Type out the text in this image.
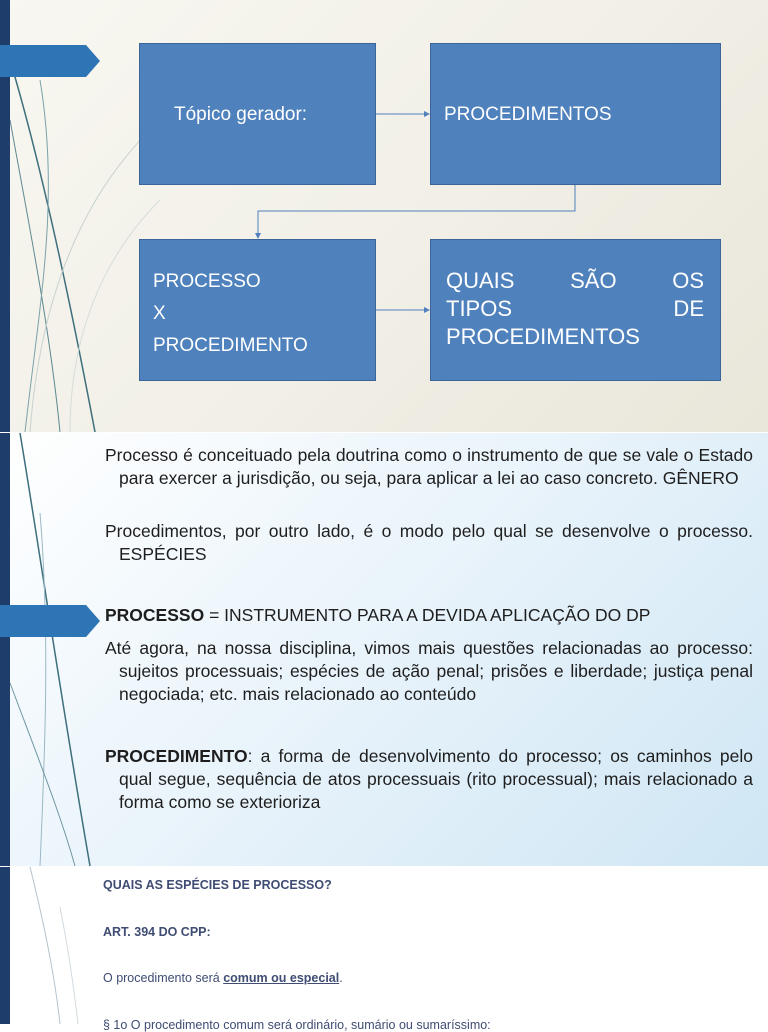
Tópico gerador:	PROCEDIMENTOS
PROCESSO
X
PROCEDIMENTO
QUAIS SÃO OS
TIPOS DE
PROCEDIMENTOS

Processo é conceituado pela doutrina como o instrumento de que se vale o Estado para exercer a jurisdição, ou seja, para aplicar a lei ao caso concreto. GÊNERO

Procedimentos, por outro lado, é o modo pelo qual se desenvolve o processo. ESPÉCIES

PROCESSO = INSTRUMENTO PARA A DEVIDA APLICAÇÃO DO DP

Até agora, na nossa disciplina, vimos mais questões relacionadas ao processo: sujeitos processuais; espécies de ação penal; prisões e liberdade; justiça penal negociada; etc. mais relacionado ao conteúdo

PROCEDIMENTO: a forma de desenvolvimento do processo; os caminhos pelo qual segue, sequência de atos processuais (rito processual); mais relacionado a forma como se exterioriza

QUAIS AS ESPÉCIES DE PROCESSO?
ART. 394 DO CPP:
O procedimento será comum ou especial.
§ 1o O procedimento comum será ordinário, sumário ou sumaríssimo:
